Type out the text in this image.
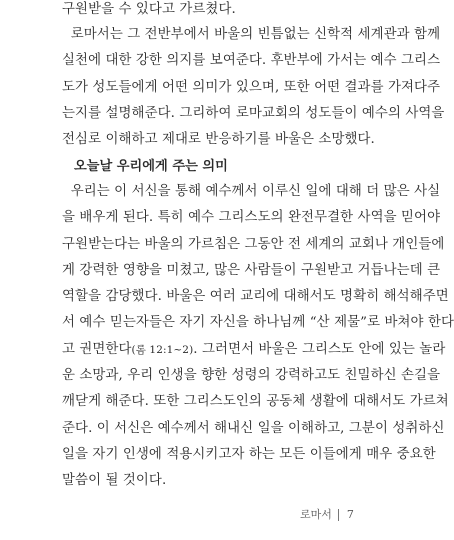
구원받을 수 있다고 가르쳤다.

로마서는 그 전반부에서 바울의 빈틈없는 신학적 세계관과 함께
실천에 대한 강한 의지를 보여준다. 후반부에 가서는 예수 그리스
도가 성도들에게 어떤 의미가 있으며, 또한 어떤 결과를 가져다주
는지를 설명해준다. 그리하여 로마교회의 성도들이 예수의 사역을
전심로 이해하고 제대로 반응하기를 바울은 소망했다.

오늘날 우리에게 주는 의미

우리는 이 서신을 통해 예수께서 이루신 일에 대해 더 많은 사실
을 배우게 된다. 특히 예수 그리스도의 완전무결한 사역을 믿어야
구원받는다는 바울의 가르침은 그동안 전 세계의 교회나 개인들에
게 강력한 영향을 미쳤고, 많은 사람들이 구원받고 거듭나는데 큰
역할을 감당했다. 바울은 여러 교리에 대해서도 명확히 해석해주면
서 예수 믿는자들은 자기 자신을 하나님께 “산 제물”로 바쳐야 한다
고 권면한다(롬 12:1~2). 그러면서 바울은 그리스도 안에 있는 놀라
운 소망과, 우리 인생을 향한 성령의 강력하고도 친밀하신 손길을
깨닫게 해준다. 또한 그리스도인의 공동체 생활에 대해서도 가르쳐
준다. 이 서신은 예수께서 해내신 일을 이해하고, 그분이 성취하신
일을 자기 인생에 적용시키고자 하는 모든 이들에게 매우 중요한
말씀이 될 것이다.

로마서 7
